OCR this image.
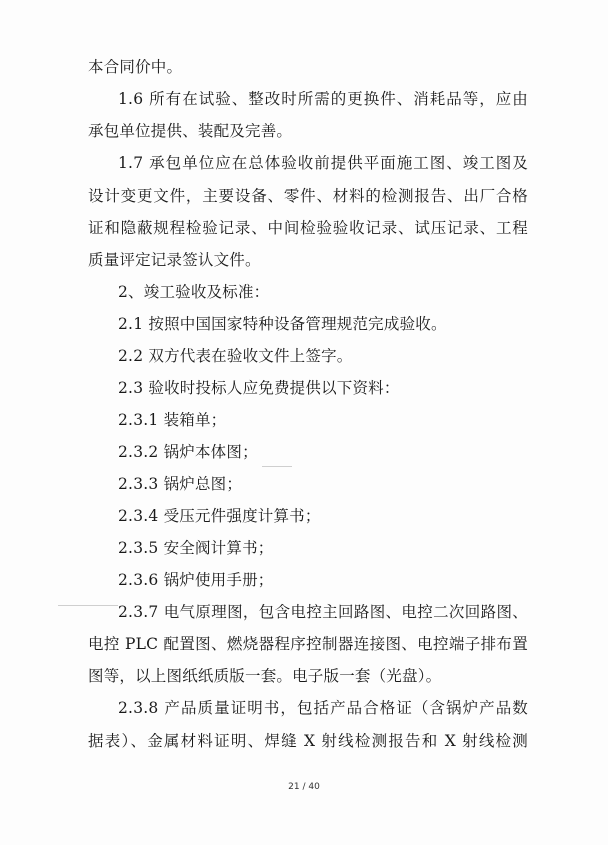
本合同价中。
1.6 所有在试验、整改时所需的更换件、消耗品等，应由
承包单位提供、装配及完善。
1.7 承包单位应在总体验收前提供平面施工图、竣工图及
设计变更文件，主要设备、零件、材料的检测报告、出厂合格
证和隐蔽规程检验记录、中间检验验收记录、试压记录、工程
质量评定记录签认文件。
2、竣工验收及标准：
2.1 按照中国国家特种设备管理规范完成验收。
2.2 双方代表在验收文件上签字。
2.3 验收时投标人应免费提供以下资料：
2.3.1 装箱单；
2.3.2 锅炉本体图；
2.3.3 锅炉总图；
2.3.4 受压元件强度计算书；
2.3.5 安全阀计算书；
2.3.6 锅炉使用手册；
2.3.7 电气原理图，包含电控主回路图、电控二次回路图、
电控 PLC 配置图、燃烧器程序控制器连接图、电控端子排布置
图等，以上图纸纸质版一套。电子版一套（光盘）。
2.3.8 产品质量证明书，包括产品合格证（含锅炉产品数
据表）、金属材料证明、焊缝 X 射线检测报告和 X 射线检测
21 / 40
